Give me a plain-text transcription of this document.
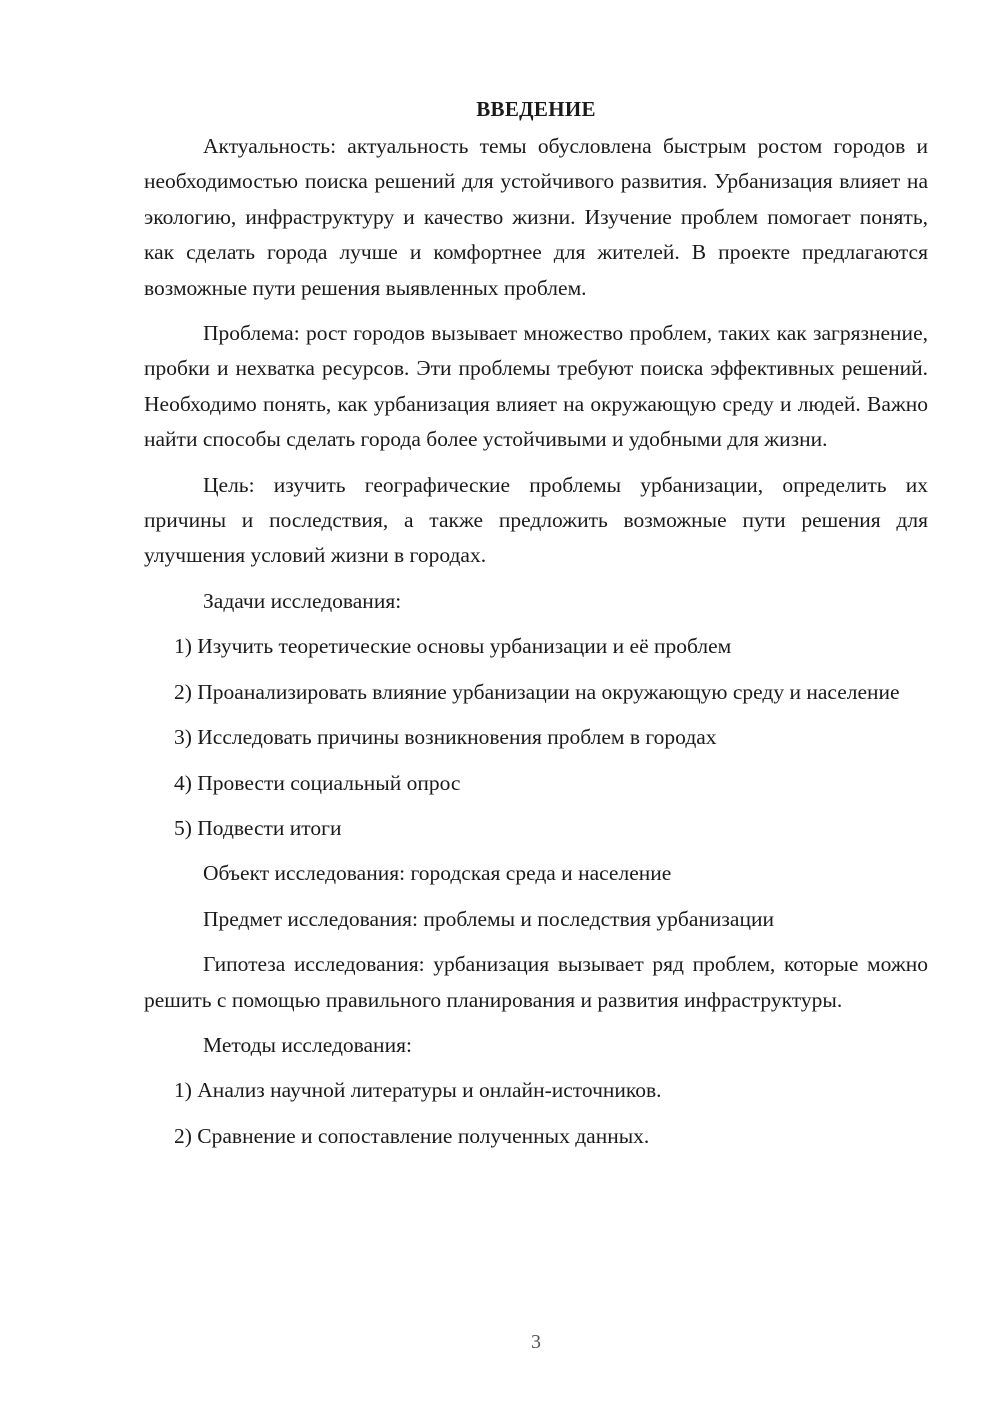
ВВЕДЕНИЕ
Актуальность: актуальность темы обусловлена быстрым ростом городов и необходимостью поиска решений для устойчивого развития. Урбанизация влияет на экологию, инфраструктуру и качество жизни. Изучение проблем помогает понять, как сделать города лучше и комфортнее для жителей. В проекте предлагаются возможные пути решения выявленных проблем.
Проблема: рост городов вызывает множество проблем, таких как загрязнение, пробки и нехватка ресурсов. Эти проблемы требуют поиска эффективных решений. Необходимо понять, как урбанизация влияет на окружающую среду и людей. Важно найти способы сделать города более устойчивыми и удобными для жизни.
Цель: изучить географические проблемы урбанизации, определить их причины и последствия, а также предложить возможные пути решения для улучшения условий жизни в городах.
Задачи исследования:
1) Изучить теоретические основы урбанизации и её проблем
2) Проанализировать влияние урбанизации на окружающую среду и население
3) Исследовать причины возникновения проблем в городах
4) Провести социальный опрос
5) Подвести итоги
Объект исследования: городская среда и население
Предмет исследования: проблемы и последствия урбанизации
Гипотеза исследования: урбанизация вызывает ряд проблем, которые можно решить с помощью правильного планирования и развития инфраструктуры.
Методы исследования:
1) Анализ научной литературы и онлайн-источников.
2) Сравнение и сопоставление полученных данных.
3
